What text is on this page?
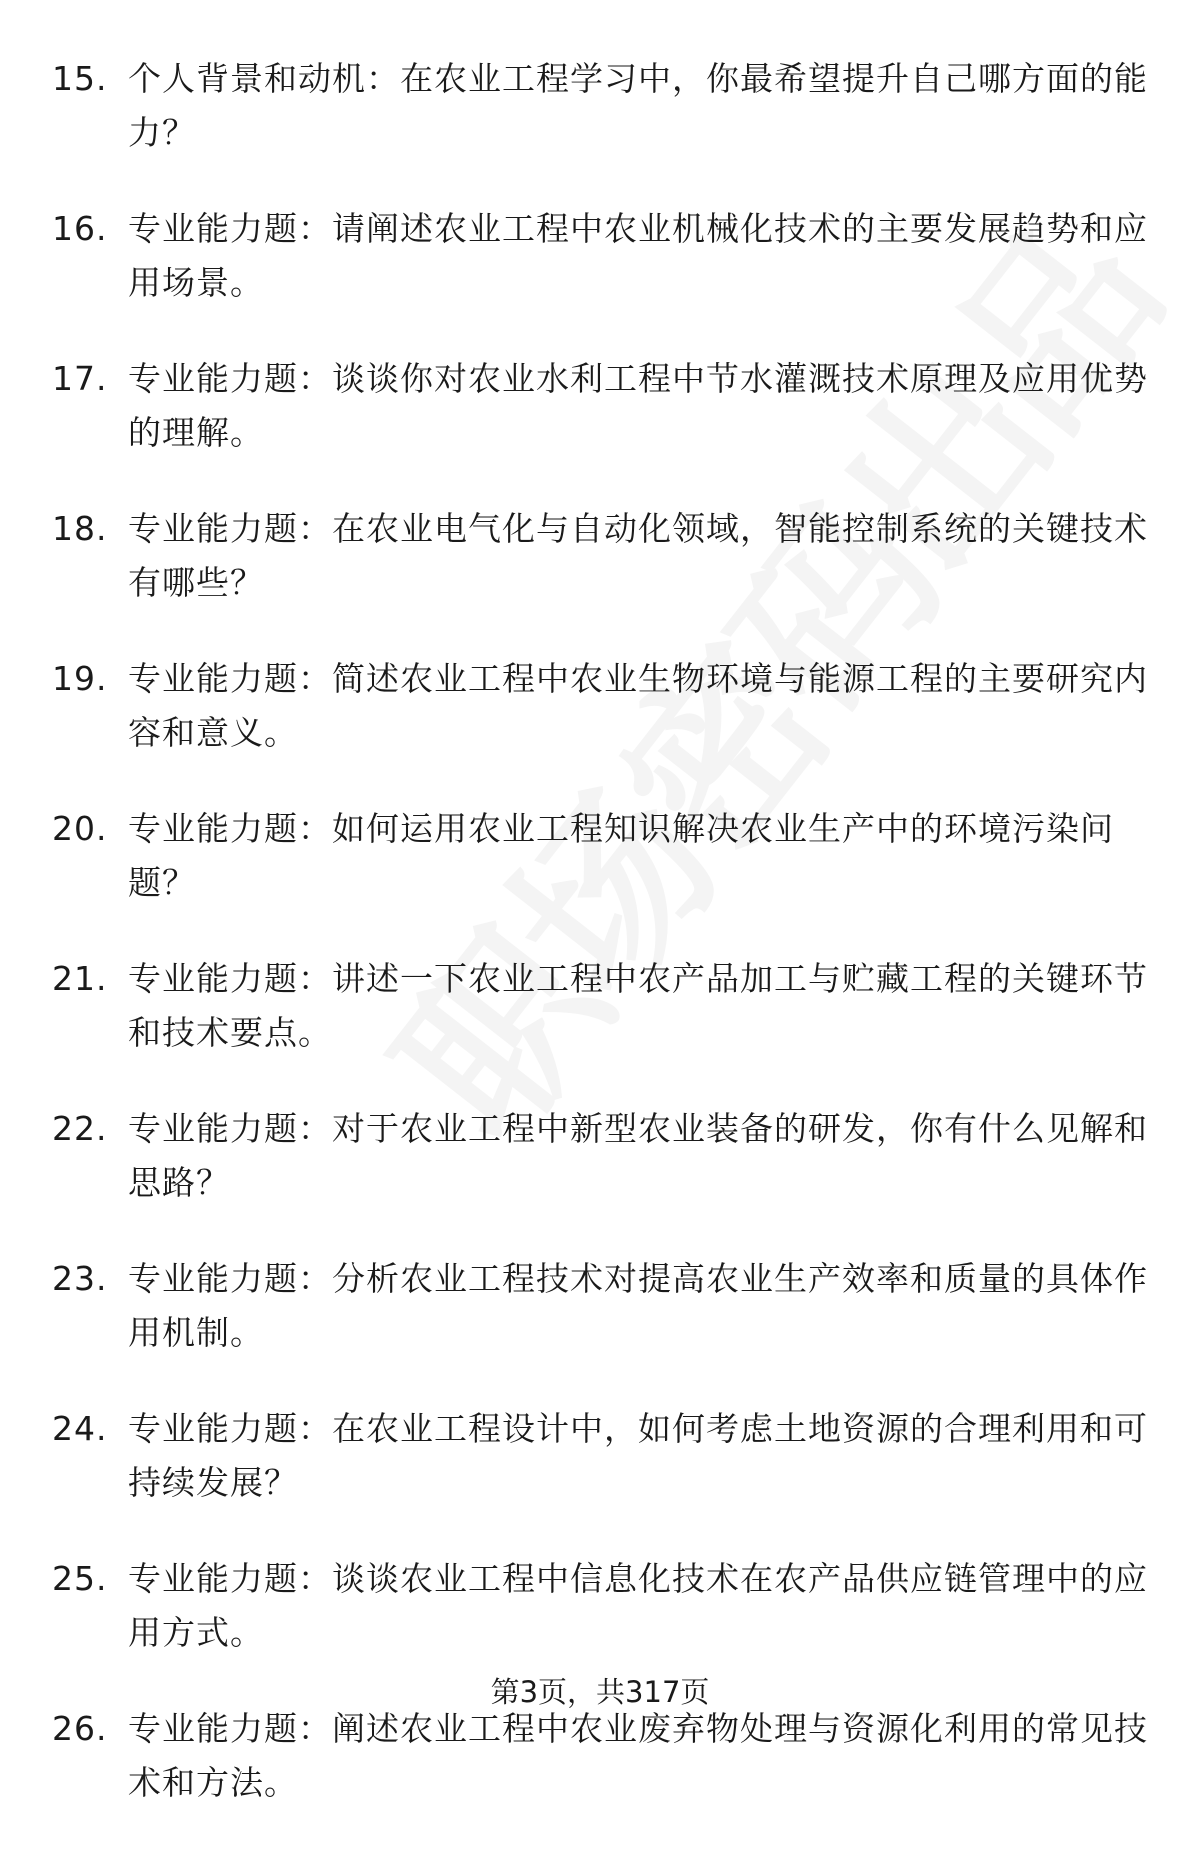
15. 个人背景和动机：在农业工程学习中，你最希望提升自己哪方面的能力？
16. 专业能力题：请阐述农业工程中农业机械化技术的主要发展趋势和应用场景。
17. 专业能力题：谈谈你对农业水利工程中节水灌溉技术原理及应用优势的理解。
18. 专业能力题：在农业电气化与自动化领域，智能控制系统的关键技术有哪些？
19. 专业能力题：简述农业工程中农业生物环境与能源工程的主要研究内容和意义。
20. 专业能力题：如何运用农业工程知识解决农业生产中的环境污染问题？
21. 专业能力题：讲述一下农业工程中农产品加工与贮藏工程的关键环节和技术要点。
22. 专业能力题：对于农业工程中新型农业装备的研发，你有什么见解和思路？
23. 专业能力题：分析农业工程技术对提高农业生产效率和质量的具体作用机制。
24. 专业能力题：在农业工程设计中，如何考虑土地资源的合理利用和可持续发展？
25. 专业能力题：谈谈农业工程中信息化技术在农产品供应链管理中的应用方式。
26. 专业能力题：阐述农业工程中农业废弃物处理与资源化利用的常见技术和方法。
第3页，共317页
